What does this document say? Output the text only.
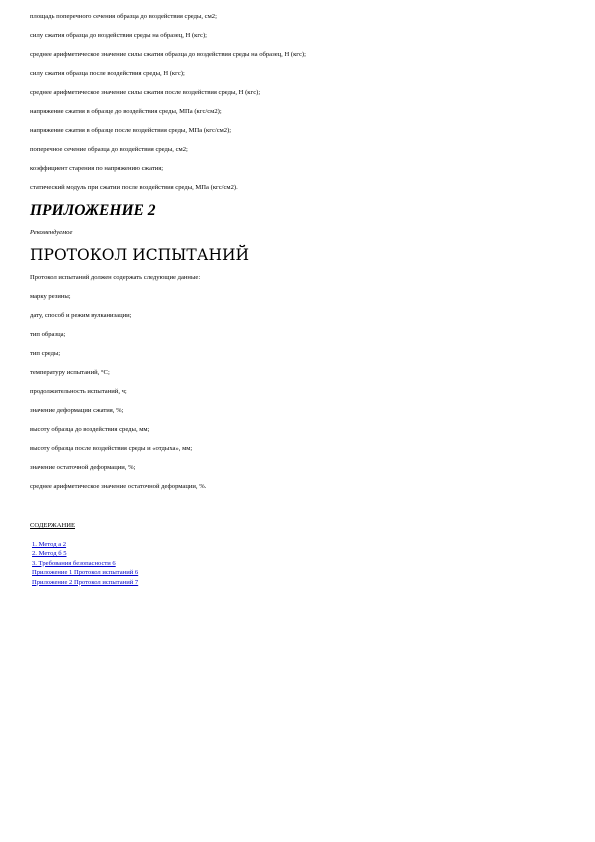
площадь поперечного сечения образца до воздействия среды, см2;

силу сжатия образца до воздействия среды на образец, Н (кгс);

среднее арифметическое значение силы сжатия образца до воздействия среды на образец, Н (кгс);

силу сжатия образца после воздействия среды, Н (кгс);

среднее арифметическое значение силы сжатия после воздействия среды, Н (кгс);

напряжение сжатия в образце до воздействия среды, МПа (кгс/см2);

напряжение сжатия в образце после воздействия среды, МПа (кгс/см2);

поперечное сечение образца до воздействия среды, см2;

коэффициент старения по напряжению сжатия;

статический модуль при сжатии после воздействия среды, МПа (кгс/см2).

ПРИЛОЖЕНИЕ 2

Рекомендуемое

ПРОТОКОЛ ИСПЫТАНИЙ

Протокол испытаний должен содержать следующие данные:

марку резины;

дату, способ и режим вулканизации;

тип образца;

тип среды;

температуру испытаний, °С;

продолжительность испытаний, ч;

значение деформации сжатия, %;

высоту образца до воздействия среды, мм;

высоту образца после воздействия среды и «отдыха», мм;

значение остаточной деформации, %;

среднее арифметическое значение остаточной деформации, %.

СОДЕРЖАНИЕ

1. Метод а 2
2. Метод б 5
3. Требования безопасности 6
Приложение 1 Протокол испытаний 6
Приложение 2 Протокол испытаний 7
